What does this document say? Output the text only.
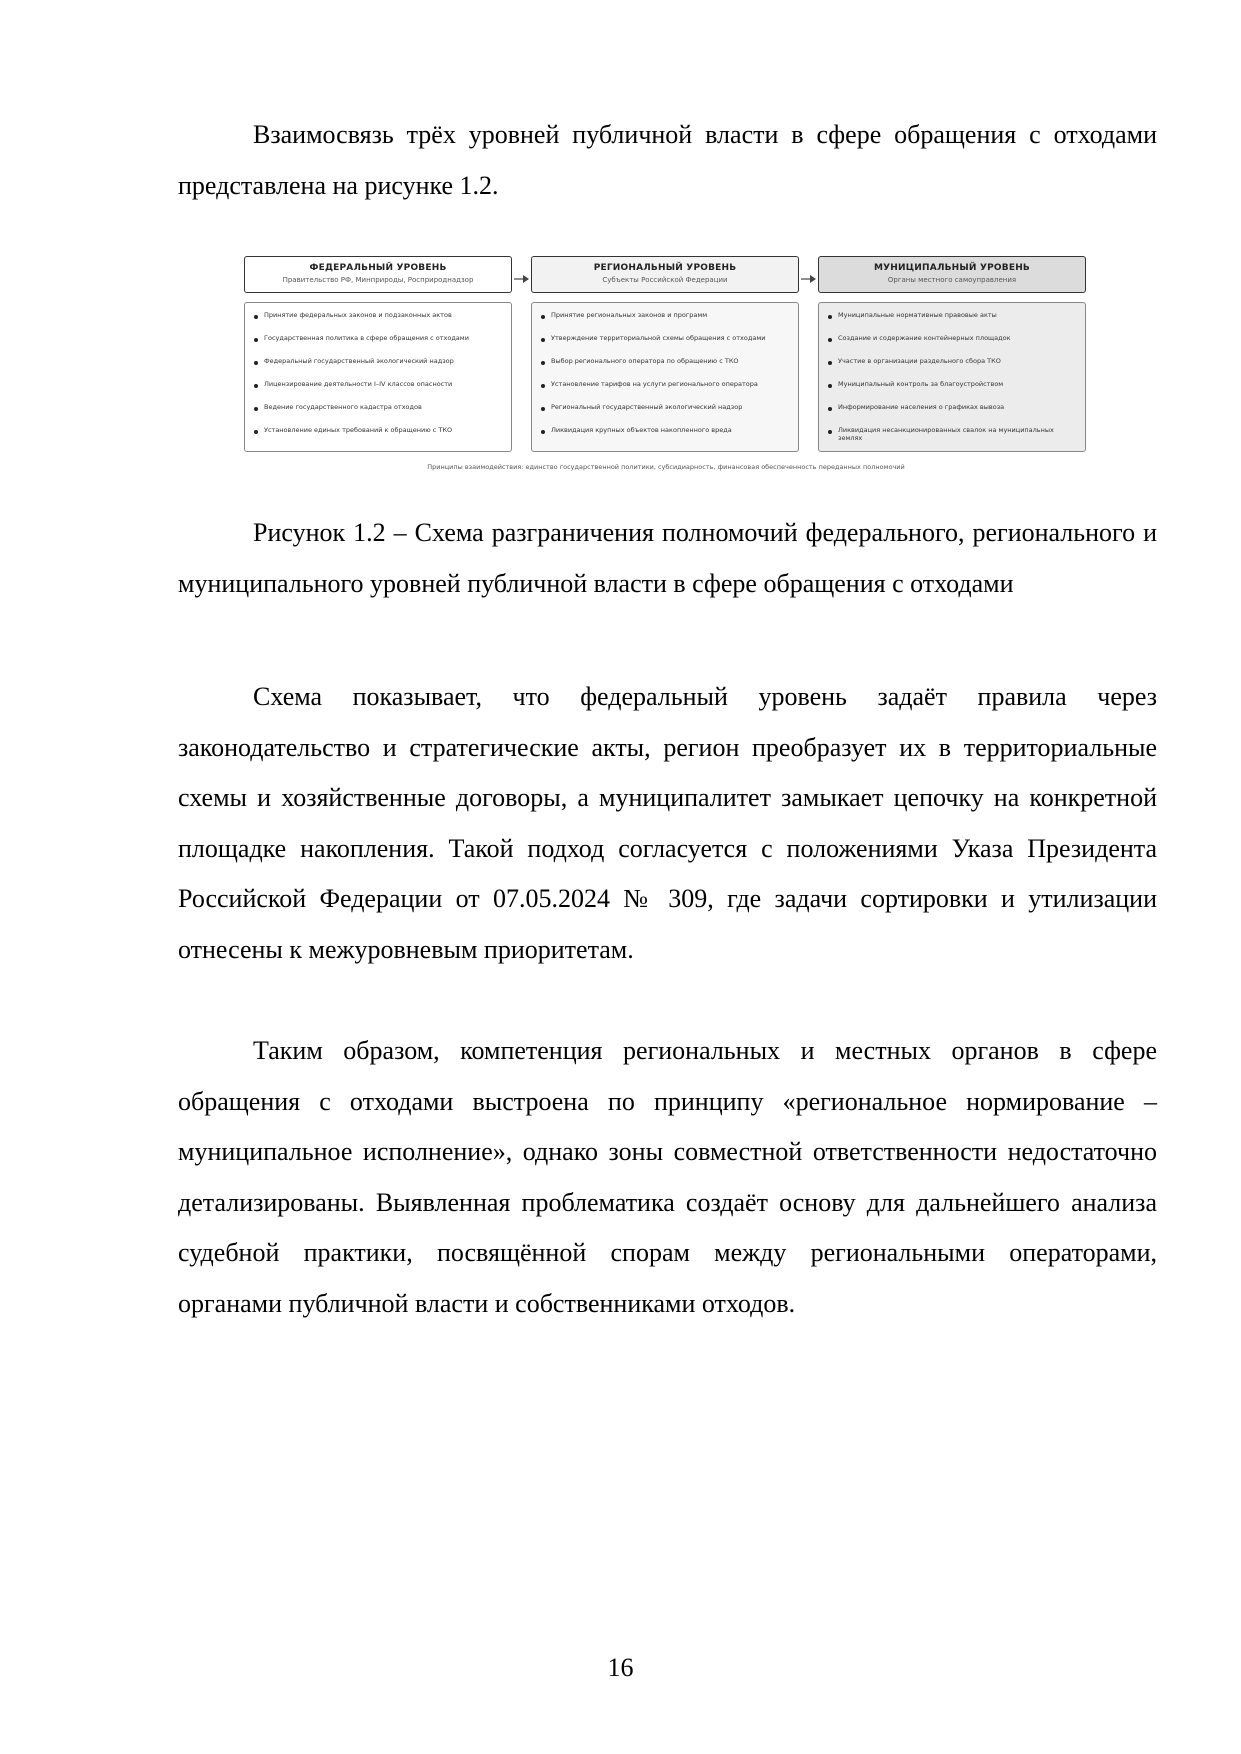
Взаимосвязь трёх уровней публичной власти в сфере обращения с отходами представлена на рисунке 1.2.

ФЕДЕРАЛЬНЫЙ УРОВЕНЬ
Правительство РФ, Минприроды, Росприроднадзор
Принятие федеральных законов и подзаконных актов
Государственная политика в сфере обращения с отходами
Федеральный государственный экологический надзор
Лицензирование деятельности I–IV классов опасности
Ведение государственного кадастра отходов
Установление единых требований к обращению с ТКО
РЕГИОНАЛЬНЫЙ УРОВЕНЬ
Субъекты Российской Федерации
Принятие региональных законов и программ
Утверждение территориальной схемы обращения с отходами
Выбор регионального оператора по обращению с ТКО
Установление тарифов на услуги регионального оператора
Региональный государственный экологический надзор
Ликвидация крупных объектов накопленного вреда
МУНИЦИПАЛЬНЫЙ УРОВЕНЬ
Органы местного самоуправления
Муниципальные нормативные правовые акты
Создание и содержание контейнерных площадок
Участие в организации раздельного сбора ТКО
Муниципальный контроль за благоустройством
Информирование населения о графиках вывоза
Ликвидация несанкционированных свалок на муниципальных землях
Принципы взаимодействия: единство государственной политики, субсидиарность, финансовая обеспеченность переданных полномочий

Рисунок 1.2 – Схема разграничения полномочий федерального, регионального и муниципального уровней публичной власти в сфере обращения с отходами

Схема показывает, что федеральный уровень задаёт правила через законодательство и стратегические акты, регион преобразует их в территориальные схемы и хозяйственные договоры, а муниципалитет замыкает цепочку на конкретной площадке накопления. Такой подход согласуется с положениями Указа Президента Российской Федерации от 07.05.2024 № 309, где задачи сортировки и утилизации отнесены к межуровневым приоритетам.

Таким образом, компетенция региональных и местных органов в сфере обращения с отходами выстроена по принципу «региональное нормирование – муниципальное исполнение», однако зоны совместной ответственности недостаточно детализированы. Выявленная проблематика создаёт основу для дальнейшего анализа судебной практики, посвящённой спорам между региональными операторами, органами публичной власти и собственниками отходов.

16
